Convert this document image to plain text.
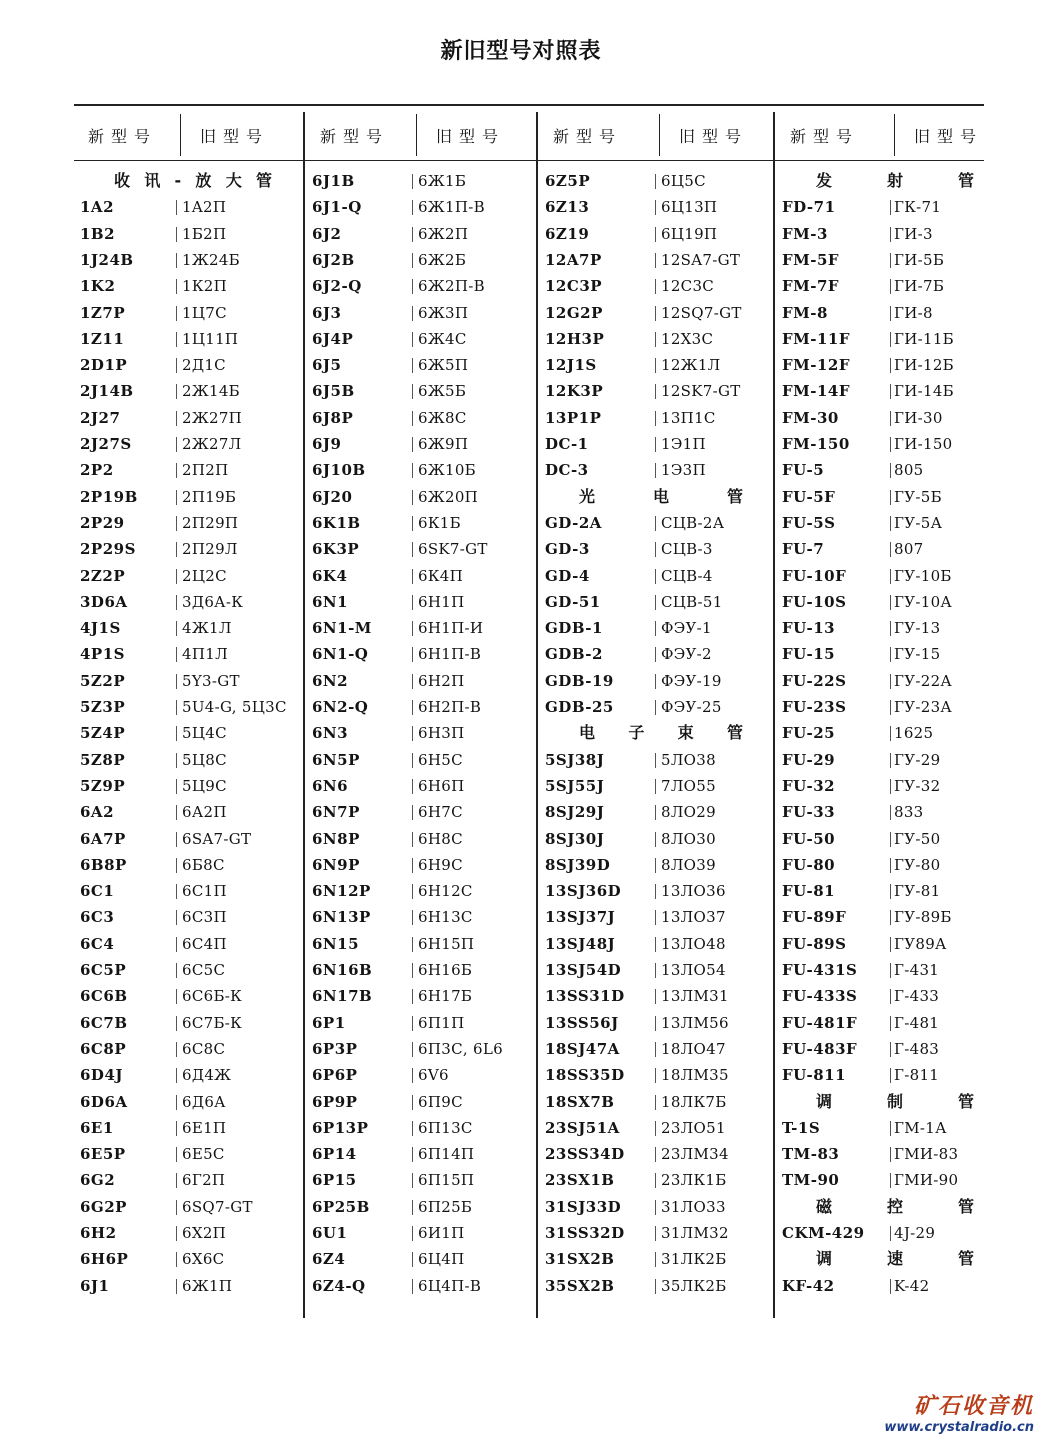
新旧型号对照表
新型号	旧型号
收 讯 - 放 大 管
1A2	1A2П
1B2	1Б2П
1J24B	1Ж24Б
1K2	1К2П
1Z7P	1Ц7С
1Z11	1Ц11П
2D1P	2Д1С
2J14B	2Ж14Б
2J27	2Ж27П
2J27S	2Ж27Л
2P2	2П2П
2P19B	2П19Б
2P29	2П29П
2P29S	2П29Л
2Z2P	2Ц2С
3D6A	3Д6А-К
4J1S	4Ж1Л
4P1S	4П1Л
5Z2P	5Y3-GT
5Z3P	5U4-G, 5Ц3С
5Z4P	5Ц4С
5Z8P	5Ц8С
5Z9P	5Ц9С
6A2	6А2П
6A7P	6SA7-GT
6B8P	6Б8С
6C1	6С1П
6C3	6С3П
6C4	6С4П
6C5P	6С5С
6C6B	6С6Б-К
6C7B	6С7Б-К
6C8P	6С8С
6D4J	6Д4Ж
6D6A	6Д6А
6E1	6Е1П
6E5P	6Е5С
6G2	6Г2П
6G2P	6SQ7-GT
6H2	6Х2П
6H6P	6Х6С
6J1	6Ж1П
新型号	旧型号
6J1B	6Ж1Б
6J1-Q	6Ж1П-В
6J2	6Ж2П
6J2B	6Ж2Б
6J2-Q	6Ж2П-В
6J3	6Ж3П
6J4P	6Ж4С
6J5	6Ж5П
6J5B	6Ж5Б
6J8P	6Ж8С
6J9	6Ж9П
6J10B	6Ж10Б
6J20	6Ж20П
6K1B	6К1Б
6K3P	6SK7-GT
6K4	6К4П
6N1	6Н1П
6N1-M	6Н1П-И
6N1-Q	6Н1П-В
6N2	6Н2П
6N2-Q	6Н2П-В
6N3	6Н3П
6N5P	6Н5С
6N6	6Н6П
6N7P	6Н7С
6N8P	6Н8С
6N9P	6Н9С
6N12P	6Н12С
6N13P	6Н13С
6N15	6Н15П
6N16B	6Н16Б
6N17B	6Н17Б
6P1	6П1П
6P3P	6П3С, 6L6
6P6P	6V6
6P9P	6П9С
6P13P	6П13С
6P14	6П14П
6P15	6П15П
6P25B	6П25Б
6U1	6И1П
6Z4	6Ц4П
6Z4-Q	6Ц4П-В
新型号	旧型号
6Z5P	6Ц5С
6Z13	6Ц13П
6Z19	6Ц19П
12A7P	12SA7-GT
12C3P	12С3С
12G2P	12SQ7-GT
12H3P	12Х3С
12J1S	12Ж1Л
12K3P	12SK7-GT
13P1P	13П1С
DC-1	1Э1П
DC-3	1Э3П
光	电	管
GD-2A	СЦВ-2А
GD-3	СЦВ-3
GD-4	СЦВ-4
GD-51	СЦВ-51
GDB-1	ФЭУ-1
GDB-2	ФЭУ-2
GDB-19	ФЭУ-19
GDB-25	ФЭУ-25
电 子 束 管
5SJ38J	5ЛО38
5SJ55J	7ЛО55
8SJ29J	8ЛО29
8SJ30J	8ЛО30
8SJ39D	8ЛО39
13SJ36D	13ЛО36
13SJ37J	13ЛО37
13SJ48J	13ЛО48
13SJ54D	13ЛО54
13SS31D 13ЛМ31
13SS56J	13ЛМ56
18SJ47A	18ЛО47
18SS35D 18ЛМ35
18SX7B	18ЛК7Б
23SJ51A	23ЛО51
23SS34D 23ЛМ34
23SX1B	23ЛК1Б
31SJ33D	31ЛО33
31SS32D 31ЛМ32
31SX2B	31ЛК2Б
35SX2B	35ЛК2Б
新型号	旧型号
发	射	管
FD-71	ГК-71
FM-3	ГИ-3
FM-5F	ГИ-5Б
FM-7F	ГИ-7Б
FM-8	ГИ-8
FM-11F	ГИ-11Б
FM-12F	ГИ-12Б
FM-14F	ГИ-14Б
FM-30	ГИ-30
FM-150	ГИ-150
FU-5	805
FU-5F	ГУ-5Б
FU-5S	ГУ-5А
FU-7	807
FU-10F	ГУ-10Б
FU-10S	ГУ-10А
FU-13	ГУ-13
FU-15	ГУ-15
FU-22S	ГУ-22А
FU-23S	ГУ-23А
FU-25	1625
FU-29	ГУ-29
FU-32	ГУ-32
FU-33	833
FU-50	ГУ-50
FU-80	ГУ-80
FU-81	ГУ-81
FU-89F	ГУ-89Б
FU-89S	ГУ89А
FU-431S Г-431
FU-433S Г-433
FU-481F Г-481
FU-483F Г-483
FU-811	Г-811
调	制	管
T-1S	ГМ-1А
TM-83	ГМИ-83
TM-90	ГМИ-90
磁	控	管
CKM-429 4J-29
调	速	管
KF-42	K-42
矿石收音机
www.crystalradio.cn
